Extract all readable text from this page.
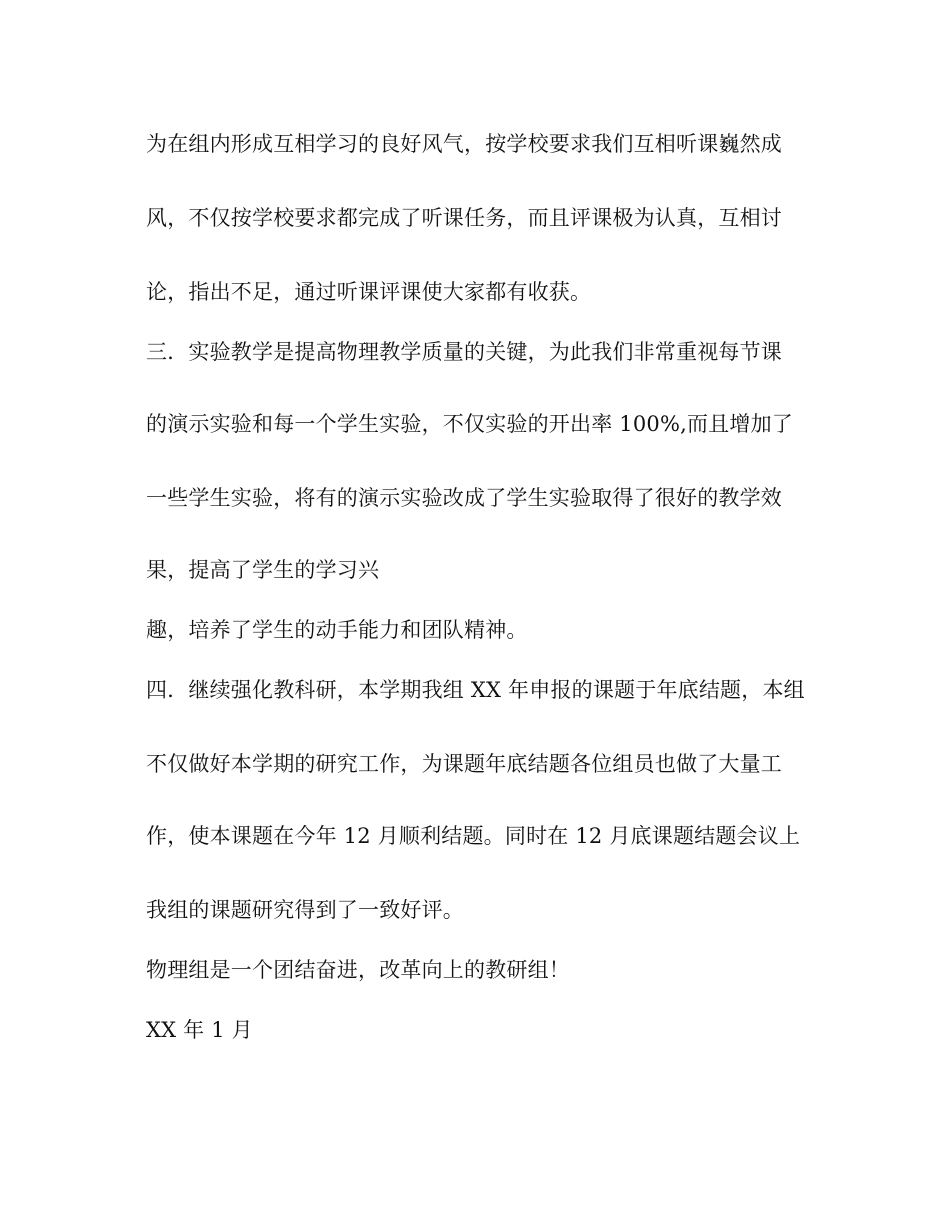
为在组内形成互相学习的良好风气，按学校要求我们互相听课巍然成
风，不仅按学校要求都完成了听课任务，而且评课极为认真，互相讨
论，指出不足，通过听课评课使大家都有收获。
三．实验教学是提高物理教学质量的关键，为此我们非常重视每节课
的演示实验和每一个学生实验，不仅实验的开出率 100%,而且增加了
一些学生实验，将有的演示实验改成了学生实验取得了很好的教学效
果，提高了学生的学习兴
趣，培养了学生的动手能力和团队精神。
四．继续强化教科研，本学期我组 XX 年申报的课题于年底结题，本组
不仅做好本学期的研究工作，为课题年底结题各位组员也做了大量工
作，使本课题在今年 12 月顺利结题。同时在 12 月底课题结题会议上
我组的课题研究得到了一致好评。
物理组是一个团结奋进，改革向上的教研组！
XX 年 1 月
